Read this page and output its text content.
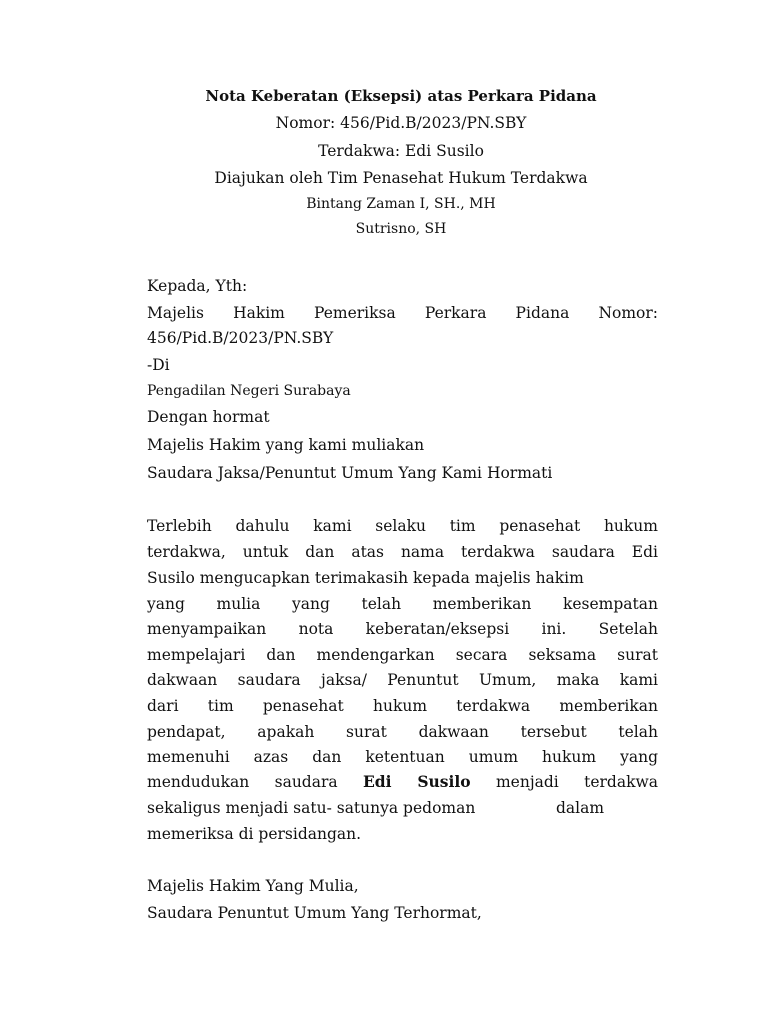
Nota Keberatan (Eksepsi) atas Perkara Pidana
Nomor: 456/Pid.B/2023/PN.SBY
Terdakwa: Edi Susilo
Diajukan oleh Tim Penasehat Hukum Terdakwa
Bintang Zaman I, SH., MH
Sutrisno, SH
Kepada, Yth:
Majelis Hakim Pemeriksa Perkara Pidana Nomor:
456/Pid.B/2023/PN.SBY
-Di
Pengadilan Negeri Surabaya
Dengan hormat
Majelis Hakim yang kami muliakan
Saudara Jaksa/Penuntut Umum Yang Kami Hormati
Terlebih dahulu kami selaku tim penasehat hukum
terdakwa, untuk dan atas nama terdakwa saudara Edi
Susilo mengucapkan terimakasih kepada majelis hakim
yang mulia yang telah memberikan kesempatan
menyampaikan nota keberatan/eksepsi ini. Setelah
mempelajari dan mendengarkan secara seksama surat
dakwaan saudara jaksa/ Penuntut Umum, maka kami
dari tim penasehat hukum terdakwa memberikan
pendapat, apakah surat dakwaan tersebut telah
memenuhi azas dan ketentuan umum hukum yang
mendudukan saudara Edi Susilo menjadi terdakwa
sekaligus menjadi satu- satunya pedoman	dalam
memeriksa di persidangan.
Majelis Hakim Yang Mulia,
Saudara Penuntut Umum Yang Terhormat,
